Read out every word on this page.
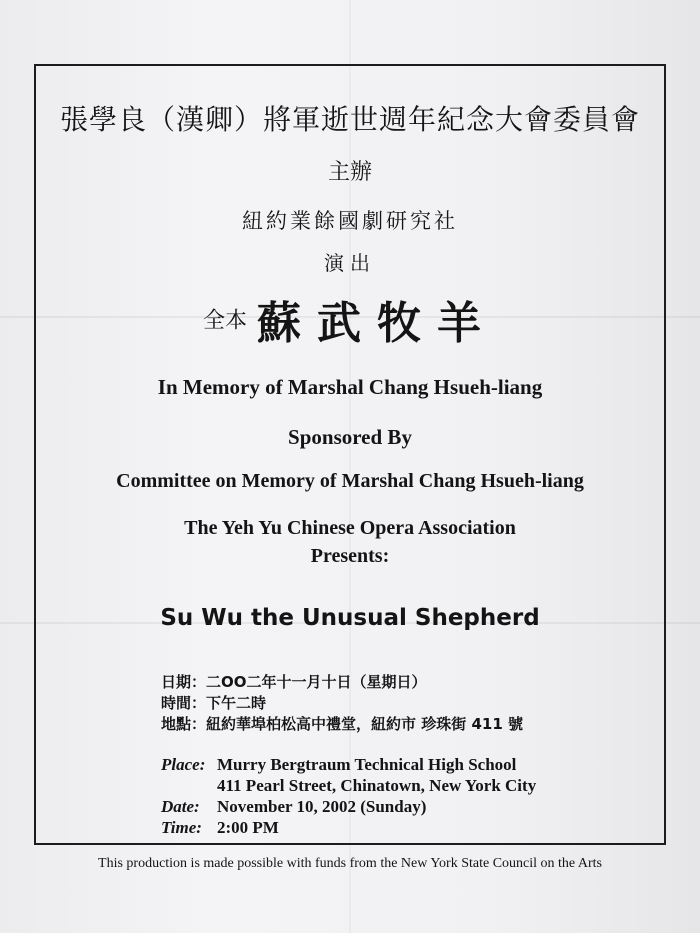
張學良（漢卿）將軍逝世週年紀念大會委員會
主辦
紐約業餘國劇研究社
演出
全本 蘇武牧羊
In Memory of Marshal Chang Hsueh-liang
Sponsored By
Committee on Memory of Marshal Chang Hsueh-liang
The Yeh Yu Chinese Opera Association
Presents:
Su Wu the Unusual Shepherd
日期：二OO二年十一月十日（星期日）
時間：下午二時
地點：紐約華埠柏松高中禮堂，紐約市 珍珠街 411 號
Place: Murry Bergtraum Technical High School
411 Pearl Street, Chinatown, New York City
Date: November 10, 2002 (Sunday)
Time: 2:00 PM
This production is made possible with funds from the New York State Council on the Arts
